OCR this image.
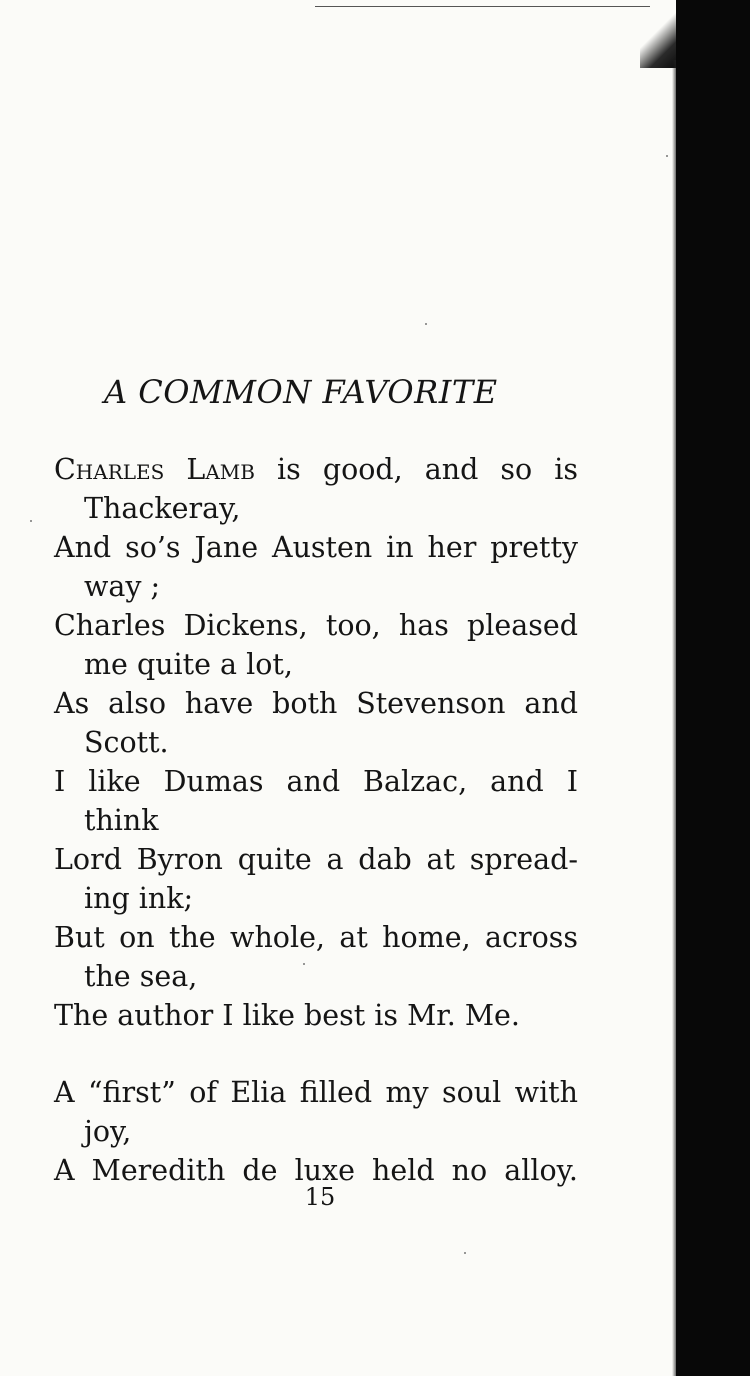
A COMMON FAVORITE
Charles Lamb is good, and so is
Thackeray,
And so’s Jane Austen in her pretty
way ;
Charles Dickens, too, has pleased
me quite a lot,
As also have both Stevenson and
Scott.
I like Dumas and Balzac, and I
think
Lord Byron quite a dab at spread-
ing ink;
But on the whole, at home, across
the sea,
The author I like best is Mr. Me.
A “first” of Elia filled my soul with
joy,
A Meredith de luxe held no alloy.
15
